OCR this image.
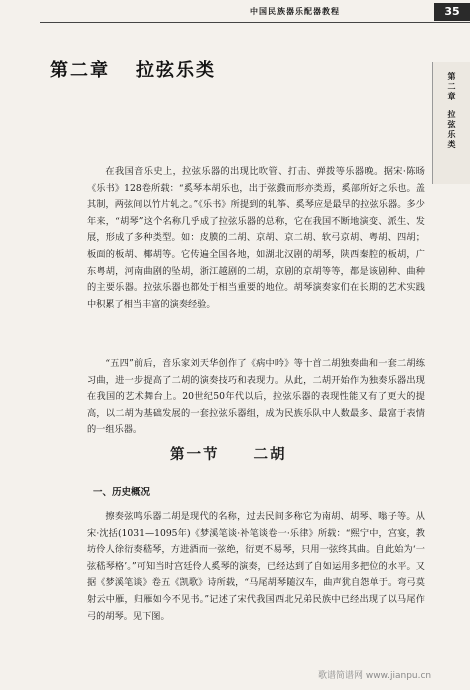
中国民族器乐配器教程	35
第二章
拉弦乐类
第二章 拉弦乐类

在我国音乐史上，拉弦乐器的出现比吹管、打击、弹拨等乐器晚。据宋·陈旸《乐书》128卷所载：“奚琴本胡乐也，出于弦鼗而形亦类焉，奚部所好之乐也。盖其制，两弦间以竹片轧之。”《乐书》所提到的轧筝、奚琴应是最早的拉弦乐器。多少年来，“胡琴”这个名称几乎成了拉弦乐器的总称，它在我国不断地演变、派生、发展，形成了多种类型。如：皮膜的二胡、京胡、京二胡、软弓京胡、粤胡、四胡；板面的板胡、椰胡等。它传遍全国各地，如湖北汉剧的胡琴，陕西秦腔的板胡，广东粤胡，河南曲剧的坠胡，浙江越剧的二胡，京剧的京胡等等，都是该剧种、曲种的主要乐器。拉弦乐器也都处于相当重要的地位。胡琴演奏家们在长期的艺术实践中积累了相当丰富的演奏经验。

“五四”前后，音乐家刘天华创作了《病中吟》等十首二胡独奏曲和一套二胡练习曲，进一步提高了二胡的演奏技巧和表现力。从此，二胡开始作为独奏乐器出现在我国的艺术舞台上。20世纪50年代以后，拉弦乐器的表现性能又有了更大的提高，以二胡为基础发展的一套拉弦乐器组，成为民族乐队中人数最多、最富于表情的一组乐器。

第一节 二胡
一、历史概况

擦奏弦鸣乐器二胡是现代的名称，过去民间多称它为南胡、胡琴、嗡子等。从宋·沈括(1031—1095年)《梦溪笔谈·补笔谈卷一·乐律》所载：“熙宁中，宫宴，教坊伶人徐衍奏嵇琴，方进酒而一弦绝，衍更不易琴，只用一弦终其曲。自此始为‘一弦嵇琴格’。”可知当时宫廷伶人奚琴的演奏，已经达到了自如运用多把位的水平。又据《梦溪笔谈》卷五《凯歌》诗所载，“马尾胡琴随汉车，曲声犹自怨单于。弯弓莫射云中雁，归雁如今不见书。”记述了宋代我国西北兄弟民族中已经出现了以马尾作弓的胡琴。见下图。

歌谱简谱网 www.jianpu.cn
